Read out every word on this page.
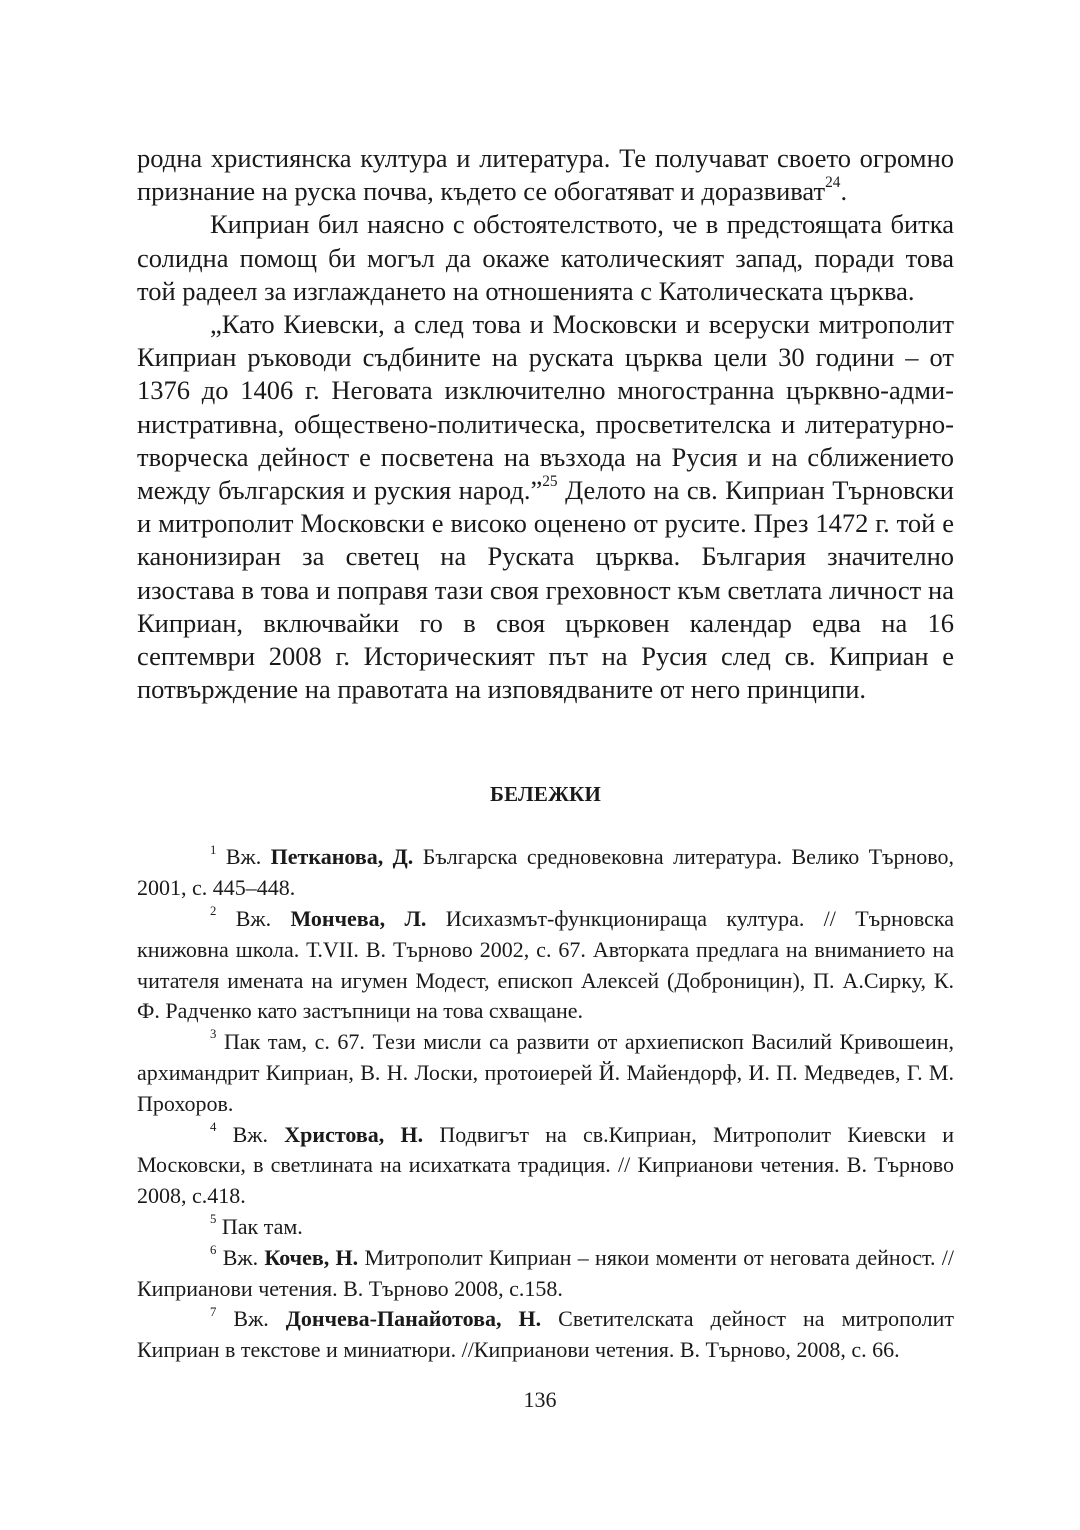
родна християнска култура и литература. Те получават своето огромно признание на руска почва, където се обогатяват и доразвиват$^{24}$.

Киприан бил наясно с обстоятелството, че в предстоящата битка солидна помощ би могъл да окаже католическият запад, поради това той радеел за изглаждането на отношенията с Католическата църква.

„Като Киевски, а след това и Московски и всеруски митрополит Киприан ръководи съдбините на руската църква цели 30 години – от 1376 до 1406 г. Неговата изключително многостранна църквно-административна, обществено-политическа, просветителска и литературно-творческа дейност е посветена на възхода на Русия и на сближението между българския и руския народ.”$^{25}$ Делото на св. Киприан Търновски и митрополит Московски е високо оценено от русите. През 1472 г. той е канонизиран за светец на Руската църква. България значително изостава в това и поправя тази своя греховност към светлата личност на Киприан, включвайки го в своя църковен календар едва на 16 септември 2008 г. Историческият път на Русия след св. Киприан е потвърждение на правотата на изповядваните от него принципи.

БЕЛЕЖКИ

$^1$ Вж. Петканова, Д. Българска средновековна литература. Велико Търново, 2001, с. 445–448.

$^2$ Вж. Мончева, Л. Исихазмът-функционираща култура. // Търновска книжовна школа. Т.VII. В. Търново 2002, с. 67. Авторката предлага на вниманието на читателя имената на игумен Модест, епископ Алексей (Доброницин), П. А.Сирку, К. Ф. Радченко като застъпници на това схващане.

$^3$ Пак там, с. 67. Тези мисли са развити от архиепископ Василий Кривошеин, архимандрит Киприан, В. Н. Лоски, протоиерей Й. Майендорф, И. П. Медведев, Г. М. Прохоров.

$^4$ Вж. Христова, Н. Подвигът на св.Киприан, Митрополит Киевски и Московски, в светлината на исихатката традиция. // Киприанови четения. В. Търново 2008, с.418.

$^5$ Пак там.

$^6$ Вж. Кочев, Н. Митрополит Киприан – някои моменти от неговата дейност. // Киприанови четения. В. Търново 2008, с.158.

$^7$ Вж. Дончева-Панайотова, Н. Светителската дейност на митрополит Киприан в текстове и миниатюри. //Киприанови четения. В. Търново, 2008, с. 66.

136
